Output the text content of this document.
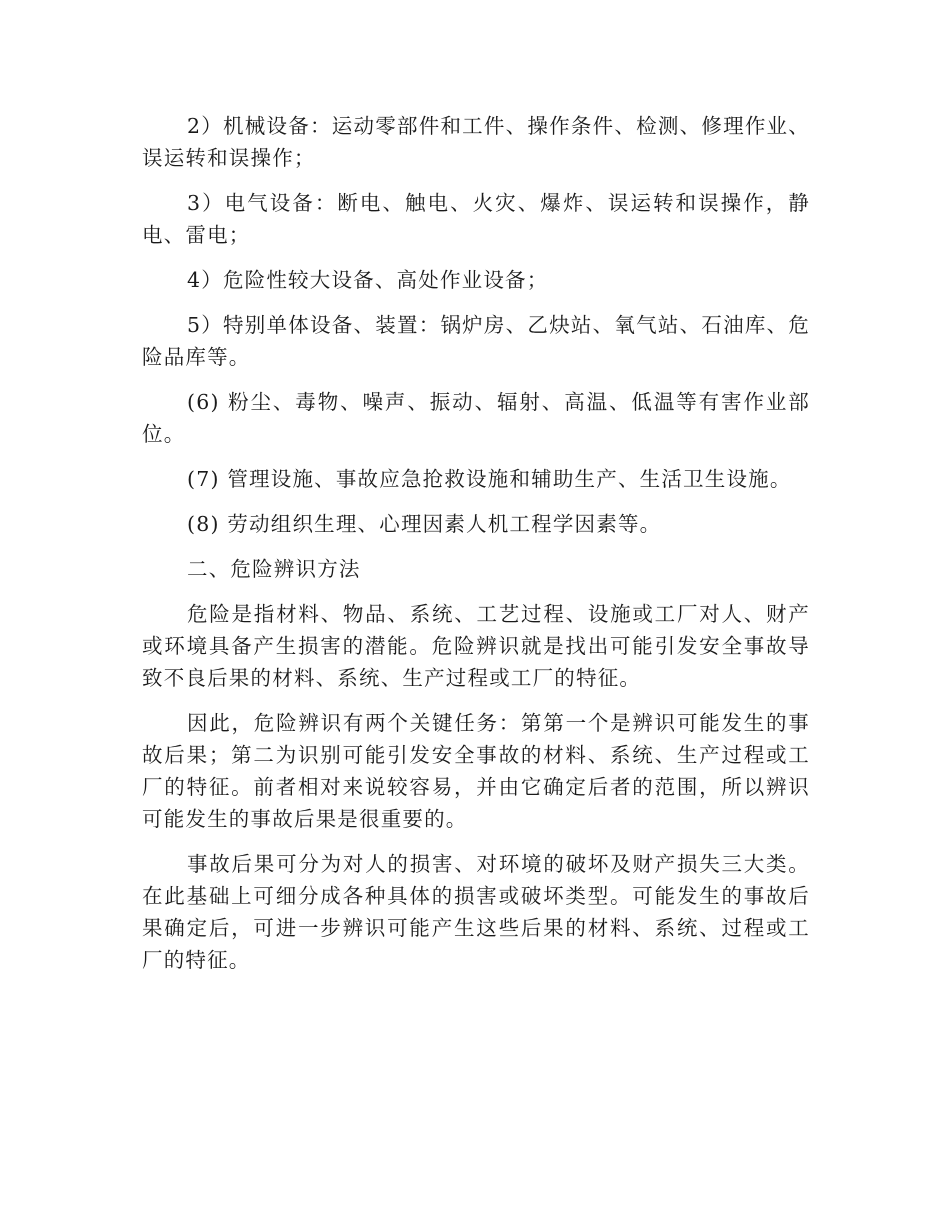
2）机械设备：运动零部件和工件、操作条件、检测、修理作业、误运转和误操作；

3）电气设备：断电、触电、火灾、爆炸、误运转和误操作，静电、雷电；

4）危险性较大设备、高处作业设备；

5）特别单体设备、装置：锅炉房、乙炔站、氧气站、石油库、危险品库等。

(6) 粉尘、毒物、噪声、振动、辐射、高温、低温等有害作业部位。

(7) 管理设施、事故应急抢救设施和辅助生产、生活卫生设施。

(8) 劳动组织生理、心理因素人机工程学因素等。

二、危险辨识方法

危险是指材料、物品、系统、工艺过程、设施或工厂对人、财产或环境具备产生损害的潜能。危险辨识就是找出可能引发安全事故导致不良后果的材料、系统、生产过程或工厂的特征。

因此，危险辨识有两个关键任务：第第一个是辨识可能发生的事故后果；第二为识别可能引发安全事故的材料、系统、生产过程或工厂的特征。前者相对来说较容易，并由它确定后者的范围，所以辨识可能发生的事故后果是很重要的。

事故后果可分为对人的损害、对环境的破坏及财产损失三大类。在此基础上可细分成各种具体的损害或破坏类型。可能发生的事故后果确定后，可进一步辨识可能产生这些后果的材料、系统、过程或工厂的特征。
